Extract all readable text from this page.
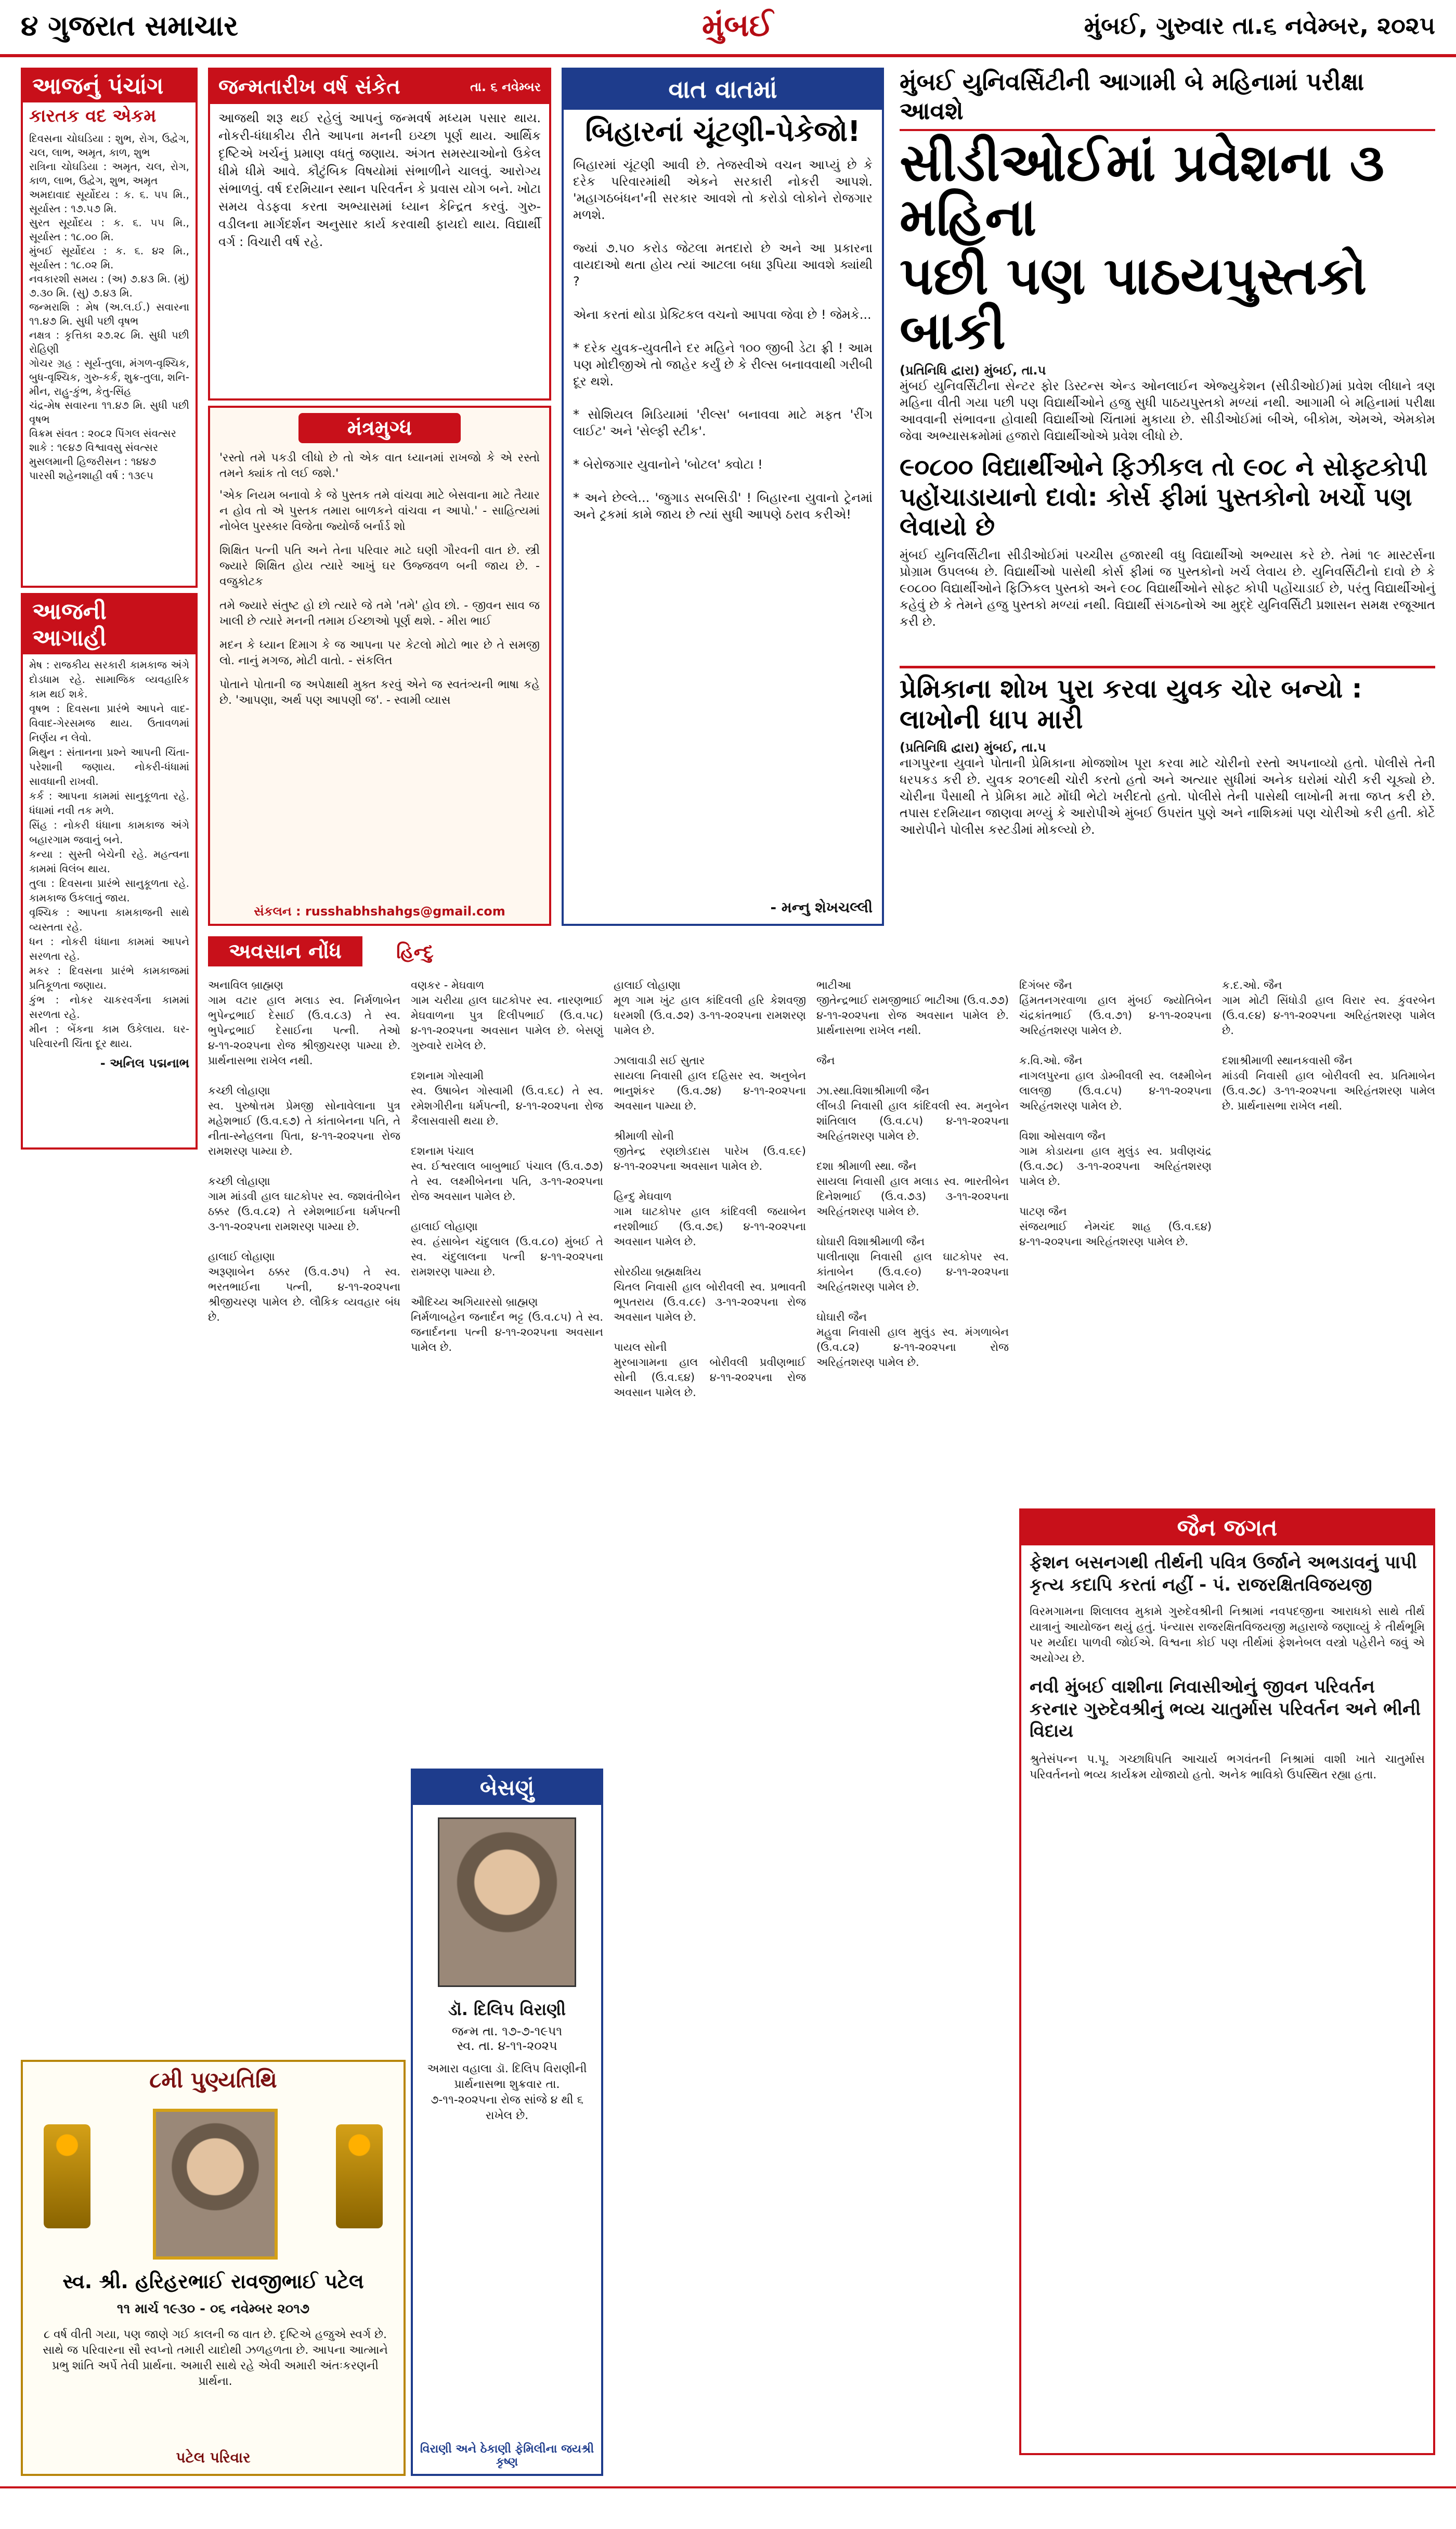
૪ ગુજરાત સમાચાર	મુંબઈ	મુંબઈ, ગુરુવાર તા.૬ નવેમ્બર, ૨૦૨૫
આજનું પંચાંગ
કારતક વદ એકમ
દિવસના ચોઘડિયા : શુભ, રોગ, ઉદ્વેગ, ચલ, લાભ, અમૃત, કાળ, શુભ
રાત્રિના ચોઘડિયા : અમૃત, ચલ, રોગ, કાળ, લાભ, ઉદ્વેગ, શુભ, અમૃત
અમદાવાદ સૂર્યોદય : ક. ૬. ૫૫ મિ., સૂર્યાસ્ત : ૧૭.૫૭ મિ.
સુરત સૂર્યોદય : ક. ૬. ૫૫ મિ., સૂર્યાસ્ત : ૧૮.૦૦ મિ.
મુંબઈ સૂર્યોદય : ક. ૬. ૪૨ મિ., સૂર્યાસ્ત : ૧૮.૦૨ મિ.
નવકારશી સમય : (અ) ૭.૪૩ મિ. (મું) ૭.૩૦ મિ. (સુ) ૭.૪૩ મિ.
જન્મરાશિ : મેષ (અ.લ.ઈ.) સવારના ૧૧.૪૭ મિ. સુધી પછી વૃષભ
નક્ષત્ર : કૃત્તિકા ૨૭.૨૮ મિ. સુધી પછી રોહિણી
ગોચર ગ્રહ : સૂર્ય-તુલા, મંગળ-વૃશ્ચિક, બુધ-વૃશ્ચિક, ગુરુ-કર્ક, શુક્ર-તુલા, શનિ-મીન, રાહુ-કુંભ, કેતુ-સિંહ
ચંદ્ર-મેષ સવારના ૧૧.૪૭ મિ. સુધી પછી વૃષભ
વિક્રમ સંવત : ૨૦૮૨ પિંગલ સંવત્સર
શાકે : ૧૯૪૭ વિશ્વાવસુ સંવત્સર
મુસલમાની હિજરીસન : ૧૪૪૭
પારસી શહેનશાહી વર્ષ : ૧૩૯૫
આજની આગાહી
મેષ : રાજકીય સરકારી કામકાજ અંગે દોડધામ રહે. સામાજિક વ્યવહારિક કામ થઈ શકે.
વૃષભ : દિવસના પ્રારંભે આપને વાદ-વિવાદ-ગેરસમજ થાય. ઉતાવળમાં નિર્ણય ન લેવો.
મિથુન : સંતાનના પ્રશ્ને આપની ચિંતા-પરેશાની જણાય. નોકરી-ધંધામાં સાવધાની રાખવી.
કર્ક : આપના કામમાં સાનુકૂળતા રહે. ધંધામાં નવી તક મળે.
સિંહ : નોકરી ધંધાના કામકાજ અંગે બહારગામ જવાનું બને.
કન્યા : સુસ્તી બેચેની રહે. મહત્વના કામમાં વિલંબ થાય.
તુલા : દિવસના પ્રારંભે સાનુકૂળતા રહે. કામકાજ ઉકલાતું જાય.
વૃશ્ચિક : આપના કામકાજની સાથે વ્યસ્તતા રહે.
ધન : નોકરી ધંધાના કામમાં આપને સરળતા રહે.
મકર : દિવસના પ્રારંભે કામકાજમાં પ્રતિકૂળતા જણાય.
કુંભ : નોકર ચાકરવર્ગના કામમાં સરળતા રહે.
મીન : બેંકના કામ ઉકેલાય. ઘર-પરિવારની ચિંતા દૂર થાય.
- અનિલ પદ્મનાભ
જન્મતારીખ વર્ષ સંકેત	તા. ૬ નવેમ્બર
આજથી શરૂ થઈ રહેલું આપનું જન્મવર્ષ મધ્યમ પસાર થાય. નોકરી-ધંધાકીય રીતે આપના મનની ઇચ્છા પૂર્ણ થાય. આર્થિક દૃષ્ટિએ ખર્ચનું પ્રમાણ વધતું જણાય. અંગત સમસ્યાઓનો ઉકેલ ધીમે ધીમે આવે. કૌટુંબિક વિષયોમાં સંભાળીને ચાલવું. આરોગ્ય સંભાળવું. વર્ષ દરમિયાન સ્થાન પરિવર્તન કે પ્રવાસ યોગ બને. ખોટા સમય વેડફવા કરતા અભ્યાસમાં ધ્યાન કેન્દ્રિત કરવું. ગુરુ-વડીલના માર્ગદર્શન અનુસાર કાર્ય કરવાથી ફાયદો થાય. વિદ્યાર્થી વર્ગ : વિચારી વર્ષ રહે.
મંત્રમુગ્ધ
'રસ્તો તમે પકડી લીધો છે તો એક વાત ધ્યાનમાં રાખજો કે એ રસ્તો તમને ક્યાંક તો લઈ જશે.'
'એક નિયમ બનાવો કે જે પુસ્તક તમે વાંચવા માટે બેસવાના માટે તૈયાર ન હોવ તો એ પુસ્તક તમારા બાળકને વાંચવા ન આપો.' - સાહિત્યમાં નોબેલ પુરસ્કાર વિજેતા જ્યોર્જ બર્નાર્ડ શો
શિક્ષિત પત્ની પતિ અને તેના પરિવાર માટે ઘણી ગૌરવની વાત છે. સ્ત્રી જ્યારે શિક્ષિત હોય ત્યારે આખું ઘર ઉજ્જવળ બની જાય છે. - વજુકોટક
તમે જ્યારે સંતુષ્ટ હો છો ત્યારે જે તમે 'તમે' હોવ છો. - જીવન સાવ જ ખાલી છે ત્યારે મનની તમામ ઈચ્છાઓ પૂર્ણ થશે. - મીરા ભાઈ
મદન કે ધ્યાન દિમાગ કે જ આપના પર કેટલો મોટો ભાર છે તે સમજી લો. નાનું મગજ, મોટી વાતો. - સંકલિત
પોતાને પોતાની જ અપેક્ષાથી મુક્ત કરવું એને જ સ્વતંત્ર્યની ભાષા કહે છે. 'આપણા, અર્થ પણ આપણી જ'. - સ્વામી વ્યાસ
સંકલન : russhabhshahgs@gmail.com
વાત વાતમાં
બિહારનાં ચૂંટણી-પેકેજો!
બિહારમાં ચૂંટણી આવી છે. તેજસ્વીએ વચન આપ્યું છે કે દરેક પરિવારમાંથી એકને સરકારી નોકરી આપશે. 'મહાગઠબંધન'ની સરકાર આવશે તો કરોડો લોકોને રોજગાર મળશે.

જ્યાં ૭.૫૦ કરોડ જેટલા મતદારો છે અને આ પ્રકારના વાયદાઓ થતા હોય ત્યાં આટલા બધા રૂપિયા આવશે ક્યાંથી ?

એના કરતાં થોડા પ્રેક્ટિકલ વચનો આપવા જેવા છે ! જેમકે...

* દરેક યુવક-યુવતીને દર મહિને ૧૦૦ જીબી ડેટા ફ્રી ! આમ પણ મોદીજીએ તો જાહેર કર્યું છે કે રીલ્સ બનાવવાથી ગરીબી દૂર થશે.

* સોશિયલ મિડિયામાં 'રીલ્સ' બનાવવા માટે મફત 'રીંગ લાઈટ' અને 'સેલ્ફી સ્ટીક'.

* બેરોજગાર યુવાનોને 'બોટલ' ક્વોટા !

* અને છેલ્લે... 'જુગાડ સબસિડી' ! બિહારના યુવાનો ટ્રેનમાં અને ટ્રકમાં કામે જાય છે ત્યાં સુધી આપણે ઠરાવ કરીએ!
- મન્નુ શેખચલ્લી
મુંબઈ યુનિવર્સિટીની આગામી બે મહિનામાં પરીક્ષા આવશે
સીડીઓઈમાં પ્રવેશના ૩ મહિના
પછી પણ પાઠયપુસ્તકો બાકી
(પ્રતિનિધિ દ્વારા) મુંબઈ, તા.૫
મુંબઈ યુનિવર્સિટીના સેન્ટર ફોર ડિસ્ટન્સ એન્ડ ઓનલાઈન એજ્યુકેશન (સીડીઓઈ)માં પ્રવેશ લીધાને ત્રણ મહિના વીતી ગયા પછી પણ વિદ્યાર્થીઓને હજુ સુધી પાઠયપુસ્તકો મળ્યાં નથી. આગામી બે મહિનામાં પરીક્ષા આવવાની સંભાવના હોવાથી વિદ્યાર્થીઓ ચિંતામાં મુકાયા છે. સીડીઓઈમાં બીએ, બીકોમ, એમએ, એમકોમ જેવા અભ્યાસક્રમોમાં હજારો વિદ્યાર્થીઓએ પ્રવેશ લીધો છે.
૯૦૮૦૦ વિદ્યાર્થીઓને ફિઝીકલ તો ૯૦૮ ને સોફ્ટકોપી પહોંચાડાયાનો દાવો: કોર્સ ફીમાં પુસ્તકોનો ખર્ચો પણ લેવાયો છે
મુંબઈ યુનિવર્સિટીના સીડીઓઈમાં પચ્ચીસ હજારથી વધુ વિદ્યાર્થીઓ અભ્યાસ કરે છે. તેમાં ૧૯ માસ્ટર્સના પ્રોગ્રામ ઉપલબ્ધ છે. વિદ્યાર્થીઓ પાસેથી કોર્સ ફીમાં જ પુસ્તકોનો ખર્ચ લેવાય છે. યુનિવર્સિટીનો દાવો છે કે ૯૦૮૦૦ વિદ્યાર્થીઓને ફિઝિકલ પુસ્તકો અને ૯૦૮ વિદ્યાર્થીઓને સોફ્ટ કોપી પહોંચાડાઈ છે, પરંતુ વિદ્યાર્થીઓનું કહેવું છે કે તેમને હજુ પુસ્તકો મળ્યાં નથી. વિદ્યાર્થી સંગઠનોએ આ મુદ્દે યુનિવર્સિટી પ્રશાસન સમક્ષ રજૂઆત કરી છે.
પ્રેમિકાના શોખ પુરા કરવા યુવક ચોર બન્યો : લાખોની ધાપ મારી
(પ્રતિનિધિ દ્વારા) મુંબઈ, તા.૫
નાગપુરના યુવાને પોતાની પ્રેમિકાના મોજશોખ પૂરા કરવા માટે ચોરીનો રસ્તો અપનાવ્યો હતો. પોલીસે તેની ધરપકડ કરી છે. યુવક ૨૦૧૯થી ચોરી કરતો હતો અને અત્યાર સુધીમાં અનેક ઘરોમાં ચોરી કરી ચૂક્યો છે. ચોરીના પૈસાથી તે પ્રેમિકા માટે મોંઘી ભેટો ખરીદતો હતો. પોલીસે તેની પાસેથી લાખોની મત્તા જપ્ત કરી છે. તપાસ દરમિયાન જાણવા મળ્યું કે આરોપીએ મુંબઈ ઉપરાંત પુણે અને નાશિકમાં પણ ચોરીઓ કરી હતી. કોર્ટે આરોપીને પોલીસ કસ્ટડીમાં મોકલ્યો છે.
અવસાન નોંધ	હિન્દુ
અનાવિલ બ્રાહ્મણ
ગામ વટાર હાલ મલાડ સ્વ. નિર્મળાબેન ભુપેન્દ્રભાઈ દેસાઈ (ઉ.વ.૮૩) તે સ્વ. ભુપેન્દ્રભાઈ દેસાઈના પત્ની. તેઓ ૪-૧૧-૨૦૨૫ના રોજ શ્રીજીચરણ પામ્યા છે. પ્રાર્થનાસભા રાખેલ નથી.

કચ્છી લોહાણા
સ્વ. પુરુષોત્તમ પ્રેમજી સોનાવેલાના પુત્ર મહેશભાઈ (ઉ.વ.૬૭) તે કાંતાબેનના પતિ, તે નીતા-સ્નેહલના પિતા, ૪-૧૧-૨૦૨૫ના રોજ રામશરણ પામ્યા છે.

કચ્છી લોહાણા
ગામ માંડવી હાલ ઘાટકોપર સ્વ. જશવંતીબેન ઠક્કર (ઉ.વ.૮૨) તે રમેશભાઈના ધર્મપત્ની ૩-૧૧-૨૦૨૫ના રામશરણ પામ્યા છે.

હાલાઈ લોહાણા
અરૂણાબેન ઠક્કર (ઉ.વ.૭૫) તે સ્વ. ભરતભાઈના પત્ની, ૪-૧૧-૨૦૨૫ના શ્રીજીચરણ પામેલ છે. લૌકિક વ્યવહાર બંધ છે.
વણકર - મેઘવાળ
ગામ ચરીયા હાલ ઘાટકોપર સ્વ. નારણભાઈ મેઘવાળના પુત્ર દિલીપભાઈ (ઉ.વ.૫૮) ૪-૧૧-૨૦૨૫ના અવસાન પામેલ છે. બેસણું ગુરુવારે રાખેલ છે.

દશનામ ગોસ્વામી
સ્વ. ઉષાબેન ગોસ્વામી (ઉ.વ.૬૮) તે સ્વ. રમેશગીરીના ધર્મપત્ની, ૪-૧૧-૨૦૨૫ના રોજ કૈલાસવાસી થયા છે.

દશનામ પંચાલ
સ્વ. ઈશ્વરલાલ બાબુભાઈ પંચાલ (ઉ.વ.૭૭) તે સ્વ. લક્ષ્મીબેનના પતિ, ૩-૧૧-૨૦૨૫ના રોજ અવસાન પામેલ છે.

હાલાઈ લોહાણા
સ્વ. હંસાબેન ચંદુલાલ (ઉ.વ.૮૦) મુંબઈ તે સ્વ. ચંદુલાલના પત્ની ૪-૧૧-૨૦૨૫ના રામશરણ પામ્યા છે.

ઔદિચ્ય અગિયારસો બ્રાહ્મણ
નિર્મળાબહેન જનાર્દન ભટ્ટ (ઉ.વ.૮૫) તે સ્વ. જનાર્દનના પત્ની ૪-૧૧-૨૦૨૫ના અવસાન પામેલ છે.
હાલાઈ લોહાણા
મૂળ ગામ ખુંટ હાલ કાંદિવલી હરિ કેશવજી ધરમશી (ઉ.વ.૭૨) ૩-૧૧-૨૦૨૫ના રામશરણ પામેલ છે.

ઝાલાવાડી સઈ સુતાર
સાયલા નિવાસી હાલ દહિસર સ્વ. અનુબેન ભાનુશંકર (ઉ.વ.૭૪) ૪-૧૧-૨૦૨૫ના અવસાન પામ્યા છે.

શ્રીમાળી સોની
જીતેન્દ્ર રણછોડદાસ પારેખ (ઉ.વ.૬૯) ૪-૧૧-૨૦૨૫ના અવસાન પામેલ છે.

હિન્દુ મેઘવાળ
ગામ ઘાટકોપર હાલ કાંદિવલી જયાબેન નરશીભાઈ (ઉ.વ.૭૬) ૪-૧૧-૨૦૨૫ના અવસાન પામેલ છે.

સોરઠીયા બ્રહ્મક્ષત્રિય
ચિતલ નિવાસી હાલ બોરીવલી સ્વ. પ્રભાવતી ભૂપતરાય (ઉ.વ.૮૯) ૩-૧૧-૨૦૨૫ના રોજ અવસાન પામેલ છે.

પાયલ સોની
મુરબાગામના હાલ બોરીવલી પ્રવીણભાઈ સોની (ઉ.વ.૬૪) ૪-૧૧-૨૦૨૫ના રોજ અવસાન પામેલ છે.
ભાટીઆ
જીતેન્દ્રભાઈ રામજીભાઈ ભાટીઆ (ઉ.વ.૭૭) ૪-૧૧-૨૦૨૫ના રોજ અવસાન પામેલ છે. પ્રાર્થનાસભા રાખેલ નથી.

જૈન

ઝા.સ્થા.વિશાશ્રીમાળી જૈન
લીંબડી નિવાસી હાલ કાંદિવલી સ્વ. મનુબેન શાંતિલાલ (ઉ.વ.૮૫) ૪-૧૧-૨૦૨૫ના અરિહંતશરણ પામેલ છે.

દશા શ્રીમાળી સ્થા. જૈન
સાયલા નિવાસી હાલ મલાડ સ્વ. ભારતીબેન દિનેશભાઈ (ઉ.વ.૭૩) ૩-૧૧-૨૦૨૫ના અરિહંતશરણ પામેલ છે.

ઘોઘારી વિશાશ્રીમાળી જૈન
પાલીતાણા નિવાસી હાલ ઘાટકોપર સ્વ. કાંતાબેન (ઉ.વ.૯૦) ૪-૧૧-૨૦૨૫ના અરિહંતશરણ પામેલ છે.

ઘોઘારી જૈન
મહુવા નિવાસી હાલ મુલુંડ સ્વ. મંગળાબેન (ઉ.વ.૮૨) ૪-૧૧-૨૦૨૫ના રોજ અરિહંતશરણ પામેલ છે.
દિગંબર જૈન
હિંમતનગરવાળા હાલ મુંબઈ જ્યોતિબેન ચંદ્રકાંતભાઈ (ઉ.વ.૭૧) ૪-૧૧-૨૦૨૫ના અરિહંતશરણ પામેલ છે.

ક.વિ.ઓ. જૈન
નાગલપુરના હાલ ડોમ્બીવલી સ્વ. લક્ષ્મીબેન લાલજી (ઉ.વ.૮૫) ૪-૧૧-૨૦૨૫ના અરિહંતશરણ પામેલ છે.

વિશા ઓસવાળ જૈન
ગામ કોડાયના હાલ મુલુંડ સ્વ. પ્રવીણચંદ્ર (ઉ.વ.૭૮) ૩-૧૧-૨૦૨૫ના અરિહંતશરણ પામેલ છે.

પાટણ જૈન
સંજયભાઈ નેમચંદ શાહ (ઉ.વ.૬૪) ૪-૧૧-૨૦૨૫ના અરિહંતશરણ પામેલ છે.
ક.દ.ઓ. જૈન
ગામ મોટી સિંધોડી હાલ વિરાર સ્વ. કુંવરબેન (ઉ.વ.૯૪) ૪-૧૧-૨૦૨૫ના અરિહંતશરણ પામેલ છે.

દશાશ્રીમાળી સ્થાનકવાસી જૈન
માંડવી નિવાસી હાલ બોરીવલી સ્વ. પ્રતિમાબેન (ઉ.વ.૭૮) ૩-૧૧-૨૦૨૫ના અરિહંતશરણ પામેલ છે. પ્રાર્થનાસભા રાખેલ નથી.
જૈન જગત
ફેશન બસનગથી તીર્થની પવિત્ર ઉર્જાને અભડાવનું પાપી કૃત્ય કદાપિ કરતાં નહીં - પં. રાજરક્ષિતવિજયજી
વિરમગામના શિલાલવ મુકામે ગુરુદેવશ્રીની નિશ્રામાં નવપદજીના આરાધકો સાથે તીર્થ યાત્રાનું આયોજન થયું હતું. પંન્યાસ રાજરક્ષિતવિજયજી મહારાજે જણાવ્યું કે તીર્થભૂમિ પર મર્યાદા પાળવી જોઈએ. વિશ્વના કોઈ પણ તીર્થમાં ફેશનેબલ વસ્ત્રો પહેરીને જવું એ અયોગ્ય છે.
નવી મુંબઈ વાશીના નિવાસીઓનું જીવન પરિવર્તન કરનાર ગુરુદેવશ્રીનું ભવ્ય ચાતુર્માસ પરિવર્તન અને ભીની વિદાય
શ્રુતેસંપન્ન પ.પૂ. ગચ્છાધિપતિ આચાર્ય ભગવંતની નિશ્રામાં વાશી ખાતે ચાતુર્માસ પરિવર્તનનો ભવ્ય કાર્યક્રમ યોજાયો હતો. અનેક ભાવિકો ઉપસ્થિત રહ્યા હતા.
૮મી પુણ્યતિથિ
સ્વ. શ્રી. હરિહરભાઈ રાવજીભાઈ પટેલ
૧૧ માર્ચ ૧૯૩૦ - ૦૬ નવેમ્બર ૨૦૧૭
૮ વર્ષ વીતી ગયા, પણ જાણે ગઈ કાલની જ વાત છે. દૃષ્ટિએ હજુએ સ્વર્ગ છે. સાથે જ પરિવારના સૌ સ્વપ્નો તમારી યાદોથી ઝળહળતા છે. આપના આત્માને પ્રભુ શાંતિ અર્પે તેવી પ્રાર્થના. અમારી સાથે રહે એવી અમારી અંતઃકરણની પ્રાર્થના.
પટેલ પરિવાર
બેસણું
ડૉ. દિલિપ વિરાણી
જન્મ તા. ૧૭-૭-૧૯૫૧
સ્વ. તા. ૪-૧૧-૨૦૨૫
અમારા વહાલા ડૉ. દિલિપ વિરાણીની પ્રાર્થનાસભા શુક્રવાર તા. ૭-૧૧-૨૦૨૫ના રોજ સાંજે ૪ થી ૬ રાખેલ છે.
વિરાણી અને ઠેકાણી ફેમિલીના જયશ્રી કૃષ્ણ
